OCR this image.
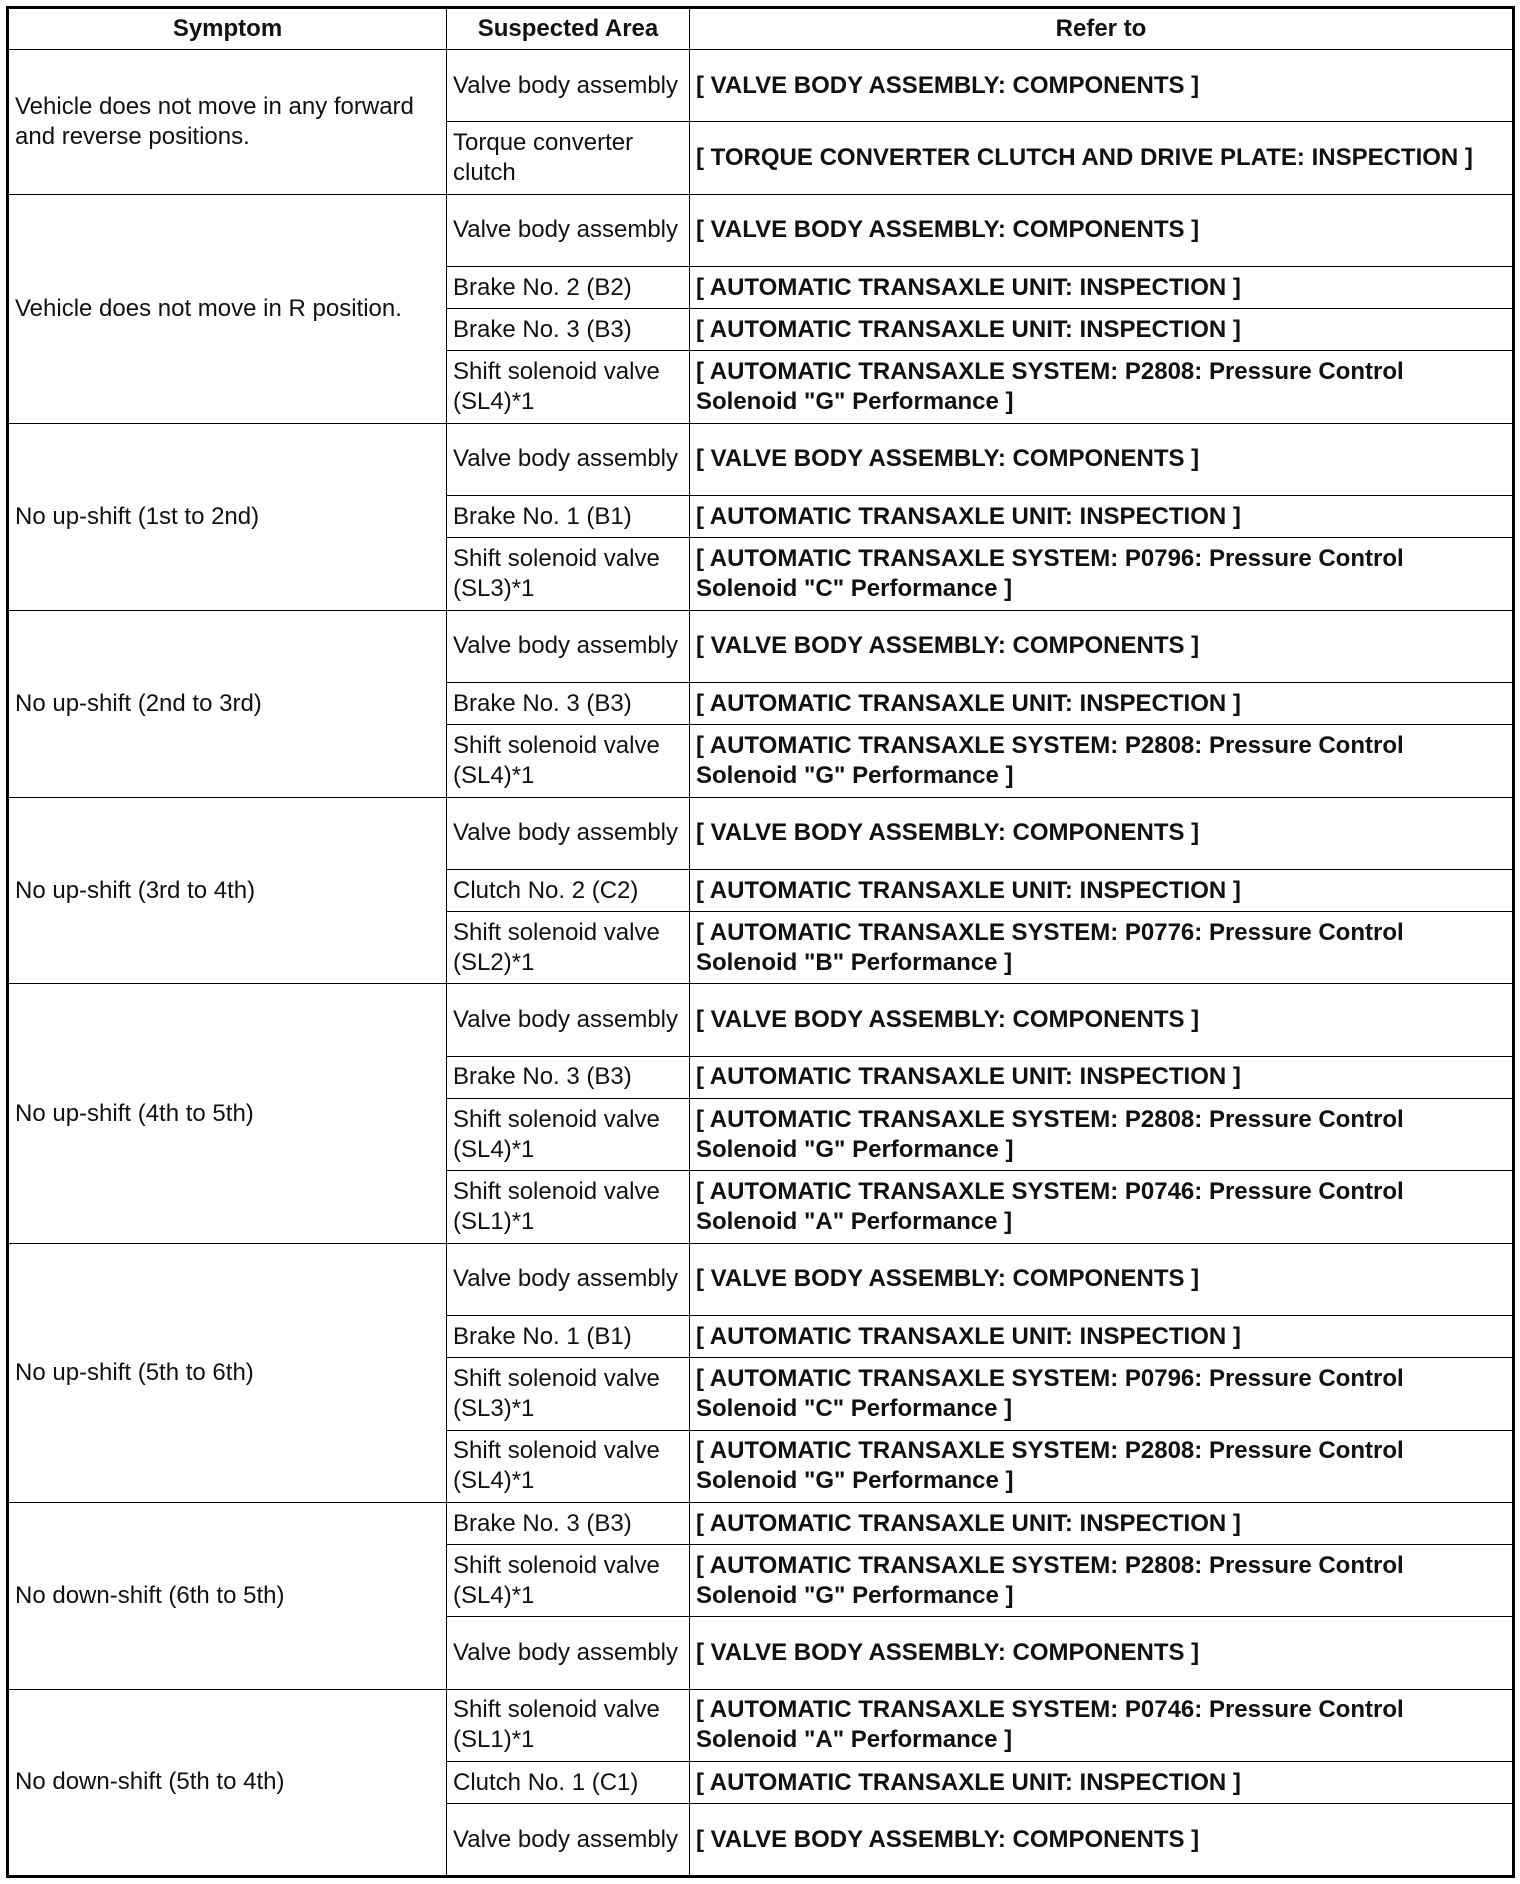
Symptom	Suspected Area	Refer to
Vehicle does not move in any forward and reverse positions.	Valve body assembly	[ VALVE BODY ASSEMBLY: COMPONENTS ]
	Torque converter clutch	[ TORQUE CONVERTER CLUTCH AND DRIVE PLATE: INSPECTION ]
Vehicle does not move in R position.	Valve body assembly	[ VALVE BODY ASSEMBLY: COMPONENTS ]
	Brake No. 2 (B2)	[ AUTOMATIC TRANSAXLE UNIT: INSPECTION ]
	Brake No. 3 (B3)	[ AUTOMATIC TRANSAXLE UNIT: INSPECTION ]
	Shift solenoid valve (SL4)*1	[ AUTOMATIC TRANSAXLE SYSTEM: P2808: Pressure Control Solenoid "G" Performance ]
No up-shift (1st to 2nd)	Valve body assembly	[ VALVE BODY ASSEMBLY: COMPONENTS ]
	Brake No. 1 (B1)	[ AUTOMATIC TRANSAXLE UNIT: INSPECTION ]
	Shift solenoid valve (SL3)*1	[ AUTOMATIC TRANSAXLE SYSTEM: P0796: Pressure Control Solenoid "C" Performance ]
No up-shift (2nd to 3rd)	Valve body assembly	[ VALVE BODY ASSEMBLY: COMPONENTS ]
	Brake No. 3 (B3)	[ AUTOMATIC TRANSAXLE UNIT: INSPECTION ]
	Shift solenoid valve (SL4)*1	[ AUTOMATIC TRANSAXLE SYSTEM: P2808: Pressure Control Solenoid "G" Performance ]
No up-shift (3rd to 4th)	Valve body assembly	[ VALVE BODY ASSEMBLY: COMPONENTS ]
	Clutch No. 2 (C2)	[ AUTOMATIC TRANSAXLE UNIT: INSPECTION ]
	Shift solenoid valve (SL2)*1	[ AUTOMATIC TRANSAXLE SYSTEM: P0776: Pressure Control Solenoid "B" Performance ]
No up-shift (4th to 5th)	Valve body assembly	[ VALVE BODY ASSEMBLY: COMPONENTS ]
	Brake No. 3 (B3)	[ AUTOMATIC TRANSAXLE UNIT: INSPECTION ]
	Shift solenoid valve (SL4)*1	[ AUTOMATIC TRANSAXLE SYSTEM: P2808: Pressure Control Solenoid "G" Performance ]
	Shift solenoid valve (SL1)*1	[ AUTOMATIC TRANSAXLE SYSTEM: P0746: Pressure Control Solenoid "A" Performance ]
No up-shift (5th to 6th)	Valve body assembly	[ VALVE BODY ASSEMBLY: COMPONENTS ]
	Brake No. 1 (B1)	[ AUTOMATIC TRANSAXLE UNIT: INSPECTION ]
	Shift solenoid valve (SL3)*1	[ AUTOMATIC TRANSAXLE SYSTEM: P0796: Pressure Control Solenoid "C" Performance ]
	Shift solenoid valve (SL4)*1	[ AUTOMATIC TRANSAXLE SYSTEM: P2808: Pressure Control Solenoid "G" Performance ]
No down-shift (6th to 5th)	Brake No. 3 (B3)	[ AUTOMATIC TRANSAXLE UNIT: INSPECTION ]
	Shift solenoid valve (SL4)*1	[ AUTOMATIC TRANSAXLE SYSTEM: P2808: Pressure Control Solenoid "G" Performance ]
	Valve body assembly	[ VALVE BODY ASSEMBLY: COMPONENTS ]
No down-shift (5th to 4th)	Shift solenoid valve (SL1)*1	[ AUTOMATIC TRANSAXLE SYSTEM: P0746: Pressure Control Solenoid "A" Performance ]
	Clutch No. 1 (C1)	[ AUTOMATIC TRANSAXLE UNIT: INSPECTION ]
	Valve body assembly	[ VALVE BODY ASSEMBLY: COMPONENTS ]
